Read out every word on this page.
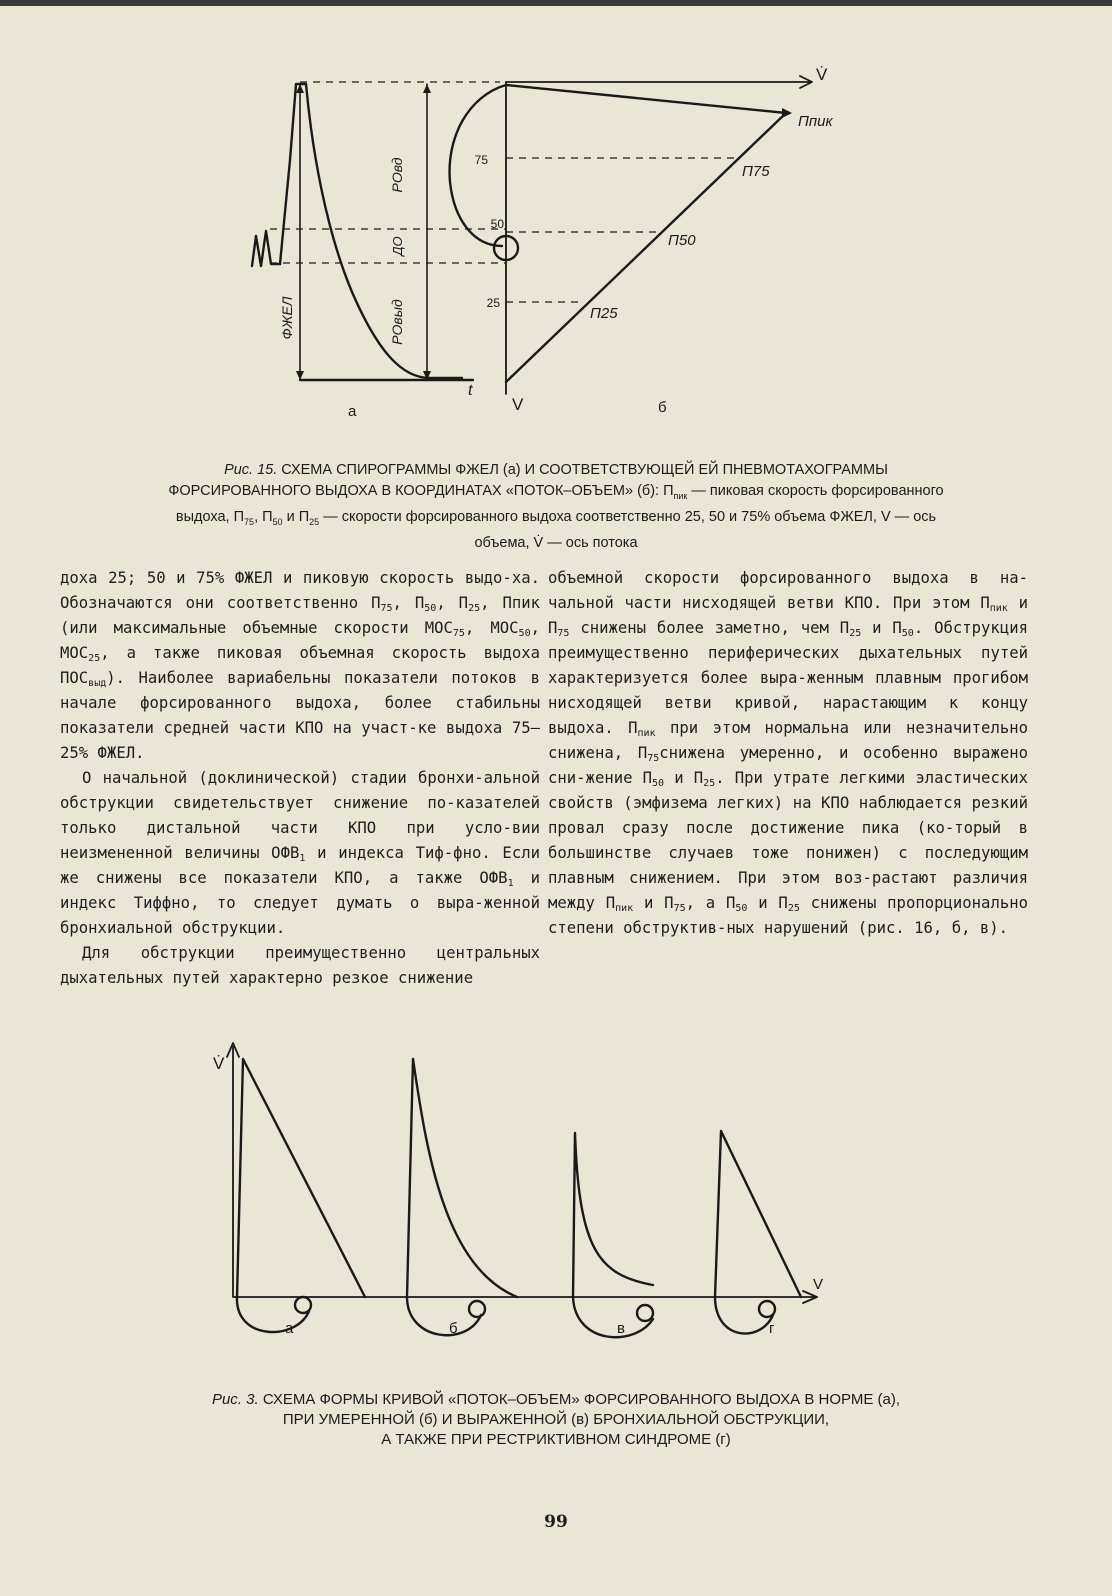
РОвд
ДО
РОвыд
ФЖЕЛ
t
75
50
25
Ппик
П75
П50
П25
V̇
V
а	б
Рис. 15. СХЕМА СПИРОГРАММЫ ФЖЕЛ (а) И СООТВЕТСТВУЮЩЕЙ ЕЙ ПНЕВМОТАХОГРАММЫ
ФОРСИРОВАННОГО ВЫДОХА В КООРДИНАТАХ «ПОТОК–ОБЪЕМ» (б): $П_{пик}$ — пиковая скорость форсированного
выдоха, $П_{75}$, $П_{50}$ и $П_{25}$ — скорости форсированного выдоха соответственно 25, 50 и 75% объема ФЖЕЛ, V — ось
объема, V̇ — ось потока

доха 25; 50 и 75% ФЖЕЛ и пиковую скорость выдо-ха. Обозначаются они соответственно $П_{75}$, $П_{50}$, $П_{25}$, Ппик (или максимальные объемные скорости $МОС_{75}$, $МОС_{50}$, $МОС_{25}$, а также пиковая объемная скорость выдоха $ПОС_{выд}$). Наиболее вариабельны показатели потоков в начале форсированного выдоха, более стабильны показатели средней части КПО на участ-ке выдоха 75–25% ФЖЕЛ.

О начальной (доклинической) стадии бронхи-альной обструкции свидетельствует снижение по-казателей только дистальной части КПО при усло-вии неизмененной величины $ОФВ_1$ и индекса Тиф-фно. Если же снижены все показатели КПО, а также $ОФВ_1$ и индекс Тиффно, то следует думать о выра-женной бронхиальной обструкции.

Для обструкции преимущественно центральных дыхательных путей характерно резкое снижение

объемной скорости форсированного выдоха в на-чальной части нисходящей ветви КПО. При этом $П_{пик}$ и $П_{75}$ снижены более заметно, чем $П_{25}$ и $П_{50}$. Обструкция преимущественно периферических дыхательных путей характеризуется более выра-женным плавным прогибом нисходящей ветви кривой, нарастающим к концу выдоха. $П_{пик}$ при этом нормальна или незначительно снижена, $П_{75}снижена$ умеренно, и особенно выражено сни-жение $П_{50}$ и $П_{25}$. При утрате легкими эластических свойств (эмфизема легких) на КПО наблюдается резкий провал сразу после достижение пика (ко-торый в большинстве случаев тоже понижен) с последующим плавным снижением. При этом воз-растают различия между $П_{пик}$ и $П_{75}$, а $П_{50}$ и $П_{25}$ снижены пропорционально степени обструктив-ных нарушений (рис. 16, б, в).

V̇
V
а	б	в	г
Рис. 3. СХЕМА ФОРМЫ КРИВОЙ «ПОТОК–ОБЪЕМ» ФОРСИРОВАННОГО ВЫДОХА В НОРМЕ (а),
ПРИ УМЕРЕННОЙ (б) И ВЫРАЖЕННОЙ (в) БРОНХИАЛЬНОЙ ОБСТРУКЦИИ,
А ТАКЖЕ ПРИ РЕСТРИКТИВНОМ СИНДРОМЕ (г)
99
